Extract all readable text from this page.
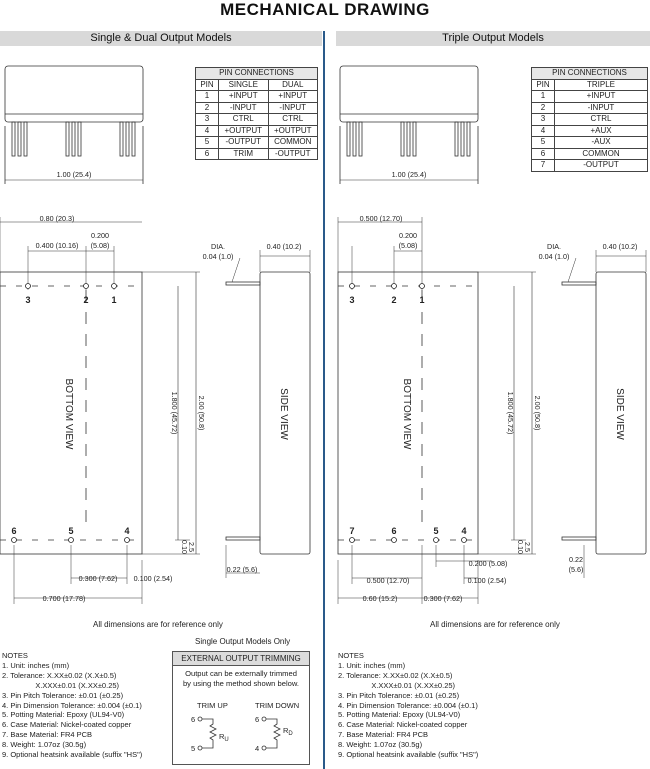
MECHANICAL DRAWING
Single & Dual Output Models	Triple Output Models
PIN CONNECTIONS		
PIN	SINGLE	DUAL
1	+INPUT	+INPUT
2	-INPUT	-INPUT
3	CTRL	CTRL
4	+OUTPUT	+OUTPUT
5	-OUTPUT	COMMON
6	TRIM	-OUTPUT
PIN CONNECTIONS	
PIN	TRIPLE
1	+INPUT
2	-INPUT
3	CTRL
4	+AUX
5	-AUX
6	COMMON
7	-OUTPUT
1.00 (25.4)
0.80 (20.3)
0.200
(5.08)
0.400 (10.16)	DIA.
0.04 (1.0)
0.40 (10.2)
0.300 (7.62) 0.100 (2.54)
0.700 (17.78)
0.22 (5.6)
1.800 (45.72)	2.00 (50.8)
0.10
2.5
3	2	1
6	5	4
BOTTOM VIEW	SIDE VIEW
1.00 (25.4)
0.500 (12.70)
0.200
(5.08)	DIA.
0.04 (1.0)
0.40 (10.2)
0.200 (5.08)
0.500 (12.70)	0.100 (2.54)
0.60 (15.2)	0.300 (7.62)
0.22
(5.6)
1.800 (45.72)	2.00 (50.8)
0.10
2.5
3	2	1
7	6	5	4
BOTTOM VIEW	SIDE VIEW
All dimensions are for reference only	All dimensions are for reference only
NOTES
1. Unit: inches (mm)
2. Tolerance: X.XX±0.02 (X.X±0.5)
X.XXX±0.01 (X.XX±0.25)
3. Pin Pitch Tolerance: ±0.01 (±0.25)
4. Pin Dimension Tolerance: ±0.004 (±0.1)
5. Potting Material: Epoxy (UL94-V0)
6. Case Material: Nickel-coated copper
7. Base Material: FR4 PCB
8. Weight: 1.07oz (30.5g)
9. Optional heatsink available (suffix "HS")
NOTES
1. Unit: inches (mm)
2. Tolerance: X.XX±0.02 (X.X±0.5)
X.XXX±0.01 (X.XX±0.25)
3. Pin Pitch Tolerance: ±0.01 (±0.25)
4. Pin Dimension Tolerance: ±0.004 (±0.1)
5. Potting Material: Epoxy (UL94-V0)
6. Case Material: Nickel-coated copper
7. Base Material: FR4 PCB
8. Weight: 1.07oz (30.5g)
9. Optional heatsink available (suffix "HS")
Single Output Models Only
EXTERNAL OUTPUT TRIMMING
Output can be externally trimmed
by using the method shown below.
TRIM UP	TRIM DOWN
6
5
6
4
$R_U$
$R_D$
